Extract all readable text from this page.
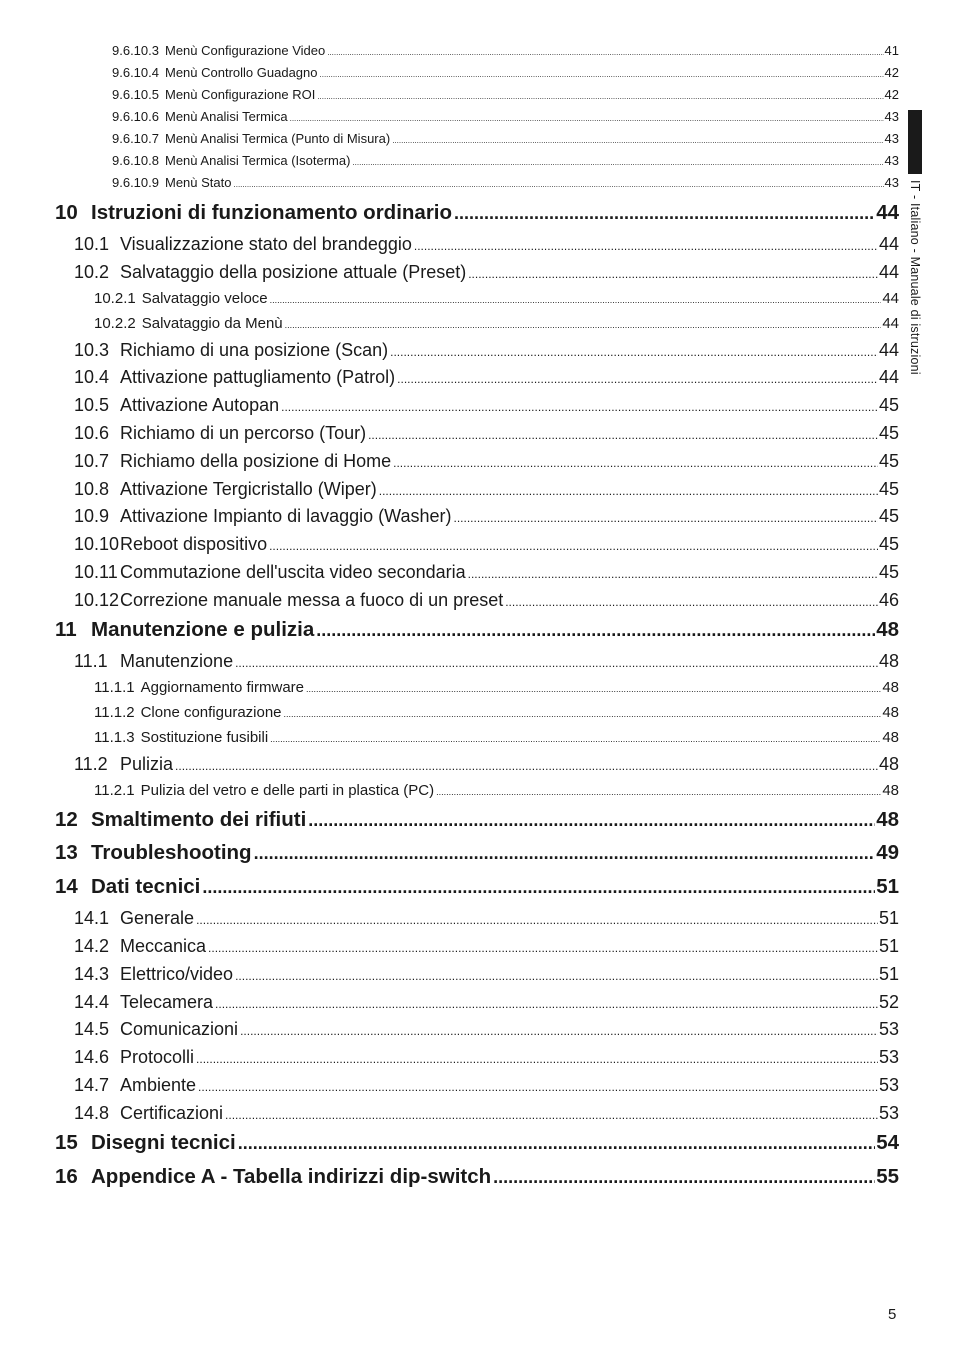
9.6.10.3 Menù Configurazione Video .....	41
9.6.10.4 Menù Controllo Guadagno .....	42
9.6.10.5 Menù Configurazione ROI .....	42
9.6.10.6 Menù Analisi Termica .....	43
9.6.10.7 Menù Analisi Termica (Punto di Misura) .....	43
9.6.10.8 Menù Analisi Termica (Isoterma) .....	43
9.6.10.9 Menù Stato .....	43
10 Istruzioni di funzionamento ordinario .....	44
10.1 Visualizzazione stato del brandeggio .....	44
10.2 Salvataggio della posizione attuale (Preset) .....	44
10.2.1 Salvataggio veloce .....	44
10.2.2 Salvataggio da Menù .....	44
10.3 Richiamo di una posizione (Scan) .....	44
10.4 Attivazione pattugliamento (Patrol) .....	44
10.5 Attivazione Autopan .....	45
10.6 Richiamo di un percorso (Tour) .....	45
10.7 Richiamo della posizione di Home .....	45
10.8 Attivazione Tergicristallo (Wiper) .....	45
10.9 Attivazione Impianto di lavaggio (Washer) .....	45
10.10 Reboot dispositivo .....	45
10.11 Commutazione dell'uscita video secondaria .....	45
10.12 Correzione manuale messa a fuoco di un preset .....	46
11 Manutenzione e pulizia .....	48
11.1 Manutenzione .....	48
11.1.1 Aggiornamento firmware .....	48
11.1.2 Clone configurazione .....	48
11.1.3 Sostituzione fusibili .....	48
11.2 Pulizia .....	48
11.2.1 Pulizia del vetro e delle parti in plastica (PC) .....	48
12 Smaltimento dei rifiuti .....	48
13 Troubleshooting .....	49
14 Dati tecnici .....	51
14.1 Generale .....	51
14.2 Meccanica .....	51
14.3 Elettrico/video .....	51
14.4 Telecamera .....	52
14.5 Comunicazioni .....	53
14.6 Protocolli .....	53
14.7 Ambiente .....	53
14.8 Certificazioni .....	53
15 Disegni tecnici .....	54
16 Appendice A - Tabella indirizzi dip-switch .....	55
IT - Italiano - Manuale di istruzioni
5
